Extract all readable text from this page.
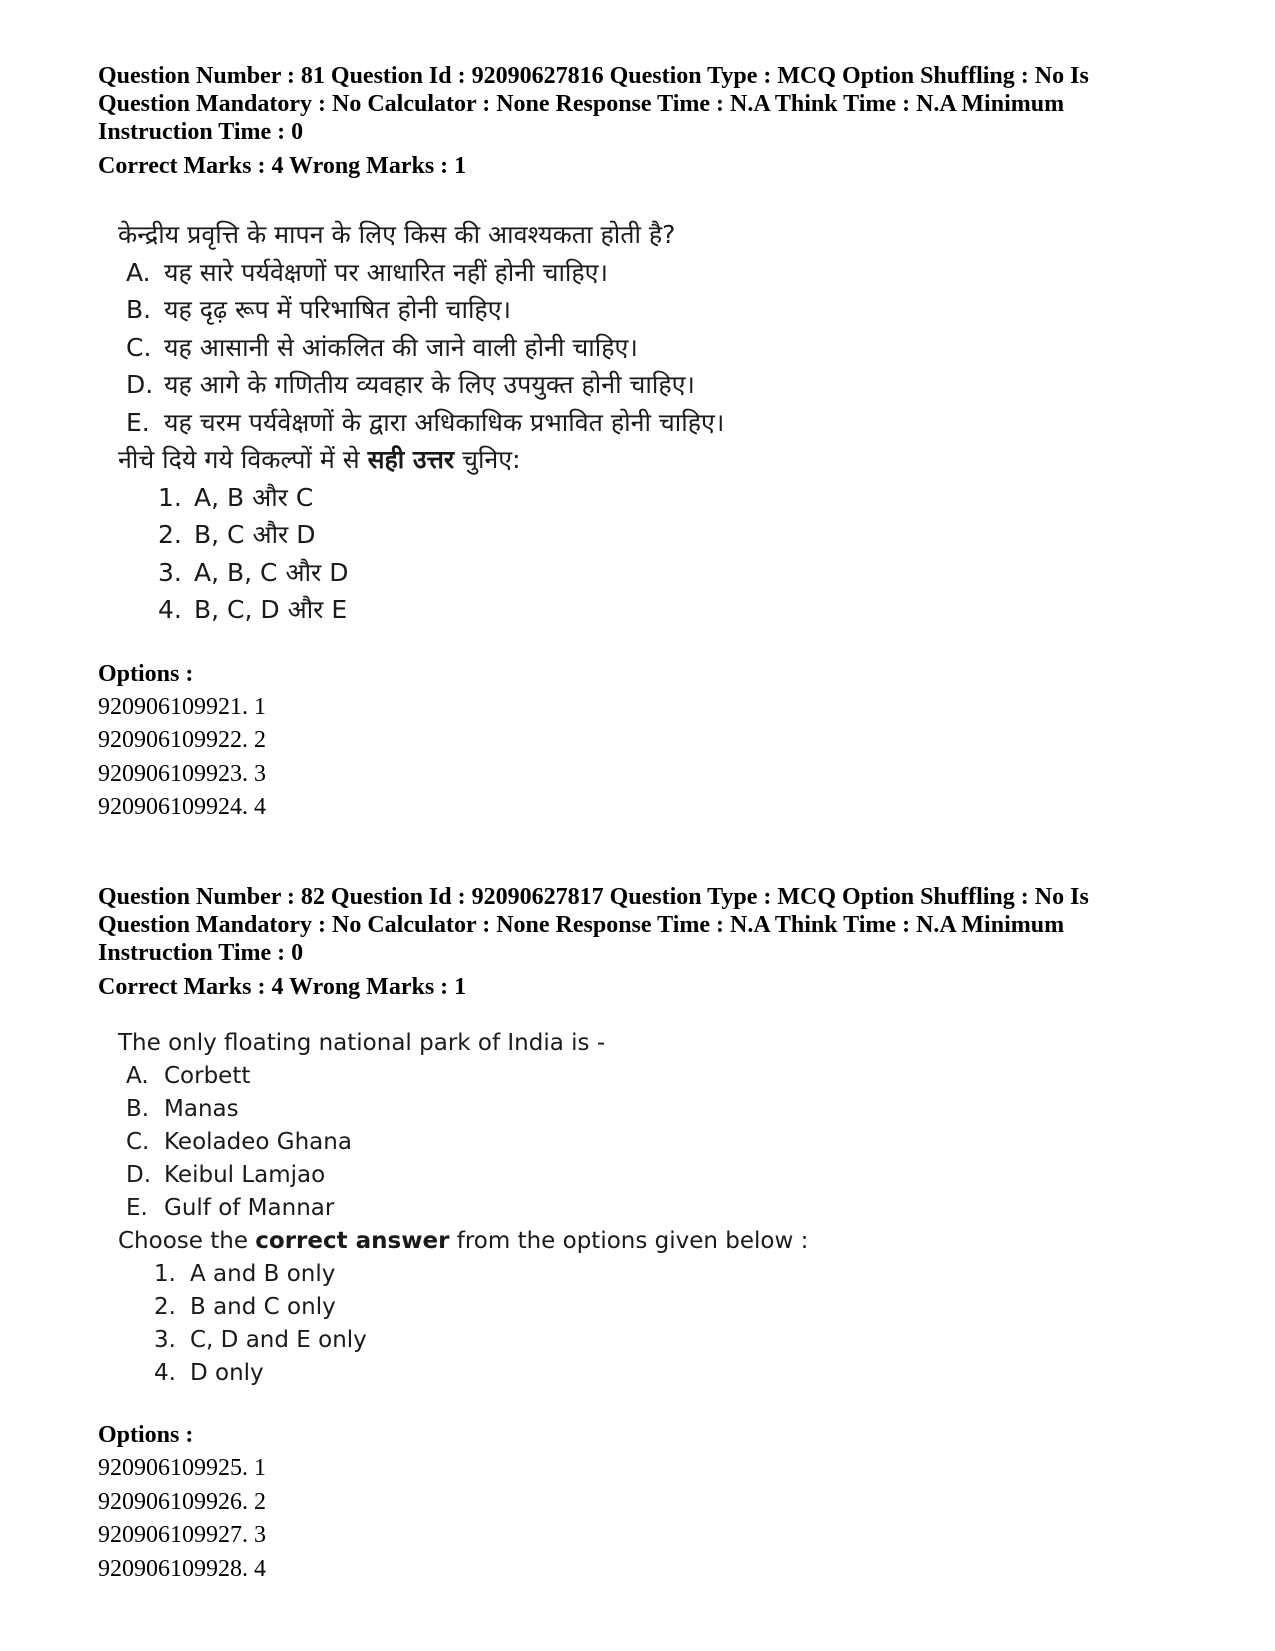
Question Number : 81 Question Id : 92090627816 Question Type : MCQ Option Shuffling : No Is
Question Mandatory : No Calculator : None Response Time : N.A Think Time : N.A Minimum
Instruction Time : 0
Correct Marks : 4 Wrong Marks : 1
केन्द्रीय प्रवृत्ति के मापन के लिए किस की आवश्यकता होती है?
A. यह सारे पर्यवेक्षणों पर आधारित नहीं होनी चाहिए।
B. यह दृढ़ रूप में परिभाषित होनी चाहिए।
C. यह आसानी से आंकलित की जाने वाली होनी चाहिए।
D. यह आगे के गणितीय व्यवहार के लिए उपयुक्त होनी चाहिए।
E. यह चरम पर्यवेक्षणों के द्वारा अधिकाधिक प्रभावित होनी चाहिए।
नीचे दिये गये विकल्पों में से सही उत्तर चुनिए:
1. A, B और C
2. B, C और D
3. A, B, C और D
4. B, C, D और E
Options :
920906109921. 1
920906109922. 2
920906109923. 3
920906109924. 4
Question Number : 82 Question Id : 92090627817 Question Type : MCQ Option Shuffling : No Is
Question Mandatory : No Calculator : None Response Time : N.A Think Time : N.A Minimum
Instruction Time : 0
Correct Marks : 4 Wrong Marks : 1
The only floating national park of India is -
A. Corbett
B. Manas
C. Keoladeo Ghana
D. Keibul Lamjao
E. Gulf of Mannar
Choose the correct answer from the options given below :
1. A and B only
2. B and C only
3. C, D and E only
4. D only
Options :
920906109925. 1
920906109926. 2
920906109927. 3
920906109928. 4
